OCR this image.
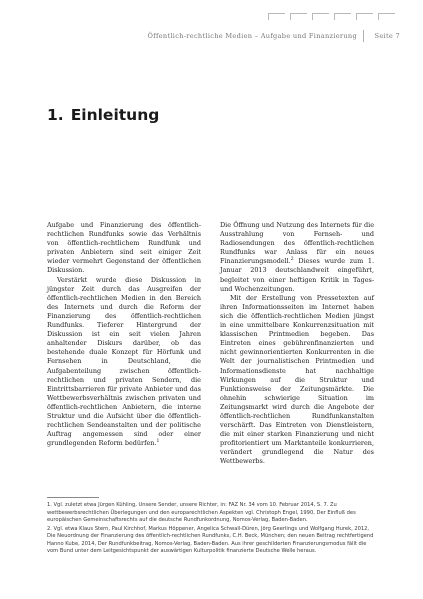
Öffentlich-rechtliche Medien – Aufgabe und Finanzierung	Seite 7
1. Einleitung

Aufgabe und Finanzierung des öffentlich-rechtlichen Rundfunks sowie das Verhältnis von öffentlich-rechtlichem Rundfunk und privaten Anbietern sind seit einiger Zeit wieder vermehrt Gegenstand der öffentlichen Diskussion.

Verstärkt wurde diese Diskussion in jüngster Zeit durch das Ausgreifen der öffentlich-rechtlichen Medien in den Bereich des Internets und durch die Reform der Finanzierung des öffentlich-rechtlichen Rundfunks. Tieferer Hintergrund der Diskussion ist ein seit vielen Jahren anhaltender Diskurs darüber, ob das bestehende duale Konzept für Hörfunk und Fernsehen in Deutschland, die Aufgabenteilung zwischen öffentlich-rechtlichen und privaten Sendern, die Eintrittsbarrieren für private Anbieter und das Wettbewerbsverhältnis zwischen privaten und öffentlich-rechtlichen Anbietern, die interne Struktur und die Aufsicht über die öffentlich-rechtlichen Sendeanstalten und der politische Auftrag angemessen sind oder einer grundlegenden Reform bedürfen.$^1$

Die Öffnung und Nutzung des Internets für die Ausstrahlung von Fernseh- und Radiosendungen des öffentlich-rechtlichen Rundfunks war Anlass für ein neues Finanzierungsmodell.$^2$ Dieses wurde zum 1. Januar 2013 deutschlandweit eingeführt, begleitet von einer heftigen Kritik in Tages- und Wochenzeitungen.

Mit der Erstellung von Pressetexten auf ihren Informationsseiten im Internet haben sich die öffentlich-rechtlichen Medien jüngst in eine unmittelbare Konkurrenzsituation mit klassischen Printmedien begeben. Das Eintreten eines gebührenfinanzierten und nicht gewinnorientierten Konkurrenten in die Welt der journalistischen Printmedien und Informationsdienste hat nachhaltige Wirkungen auf die Struktur und Funktionsweise der Zeitungsmärkte. Die ohnehin schwierige Situation im Zeitungsmarkt wird durch die Angebote der öffentlich-rechtlichen Rundfunkanstalten verschärft. Das Eintreten von Dienstleistern, die mit einer starken Finanzierung und nicht profitorientiert um Marktanteile konkurrieren, verändert grundlegend die Natur des Wettbewerbs.

1. Vgl. zuletzt etwa Jürgen Kühling, Unsere Sender, unsere Richter, in: FAZ Nr. 34 vom 10. Februar 2014, S. 7. Zu wettbewerbsrechtlichen Überlegungen und den europarechtlichen Aspekten vgl. Christoph Engel, 1990, Der Einfluß des europäischen Gemeinschaftsrechts auf die deutsche Rundfunkordnung, Nomos-Verlag, Baden-Baden.

2. Vgl. etwa Klaus Stern, Paul Kirchhof, Markus Höppener, Angelica Schwall-Düren, Jörg Geerlings und Wolfgang Hurek, 2012, Die Neuordnung der Finanzierung des öffentlich-rechtlichen Rundfunks, C.H. Beck, München; den neuen Beitrag rechtfertigend Hanno Kube, 2014, Der Rundfunkbeitrag, Nomos-Verlag, Baden-Baden. Aus ihrer geschilderten Finanzierungsmodus fällt die vom Bund unter dem Leitgesichtspunkt der auswärtigen Kulturpolitik finanzierte Deutsche Welle heraus.
